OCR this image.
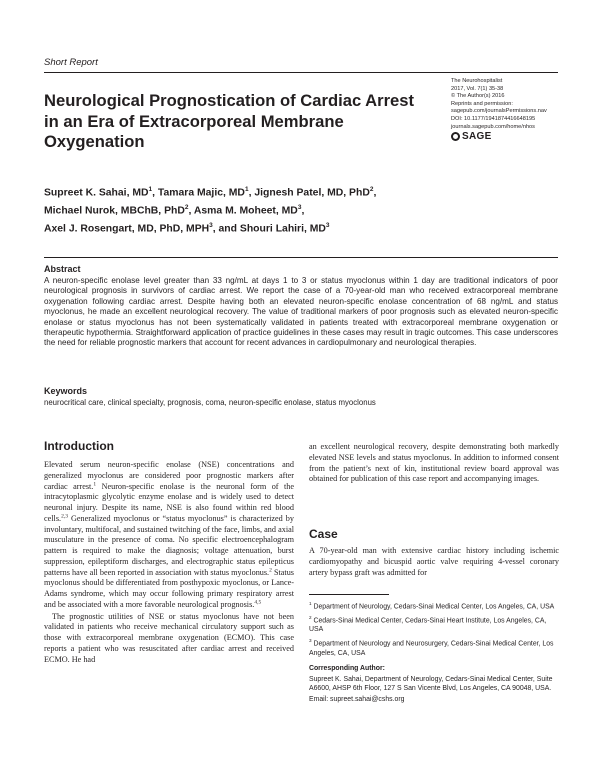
Short Report
The Neurohospitalist
2017, Vol. 7(1) 35-38
© The Author(s) 2016
Reprints and permission:
sagepub.com/journalsPermissions.nav
DOI: 10.1177/1941874416648195
journals.sagepub.com/home/nhos
SAGE
Neurological Prognostication of Cardiac Arrest in an Era of Extracorporeal Membrane Oxygenation
Supreet K. Sahai, $MD^1$, Tamara Majic, $MD^1$, Jignesh Patel, MD, PhD$^2$,
Michael Nurok, MBChB, PhD$^2$, Asma M. Moheet, $MD^3$,
Axel J. Rosengart, MD, PhD, MPH$^3$, and Shouri Lahiri, $MD^3$
Abstract
A neuron-specific enolase level greater than 33 ng/mL at days 1 to 3 or status myoclonus within 1 day are traditional indicators of poor neurological prognosis in survivors of cardiac arrest. We report the case of a 70-year-old man who received extracorporeal membrane oxygenation following cardiac arrest. Despite having both an elevated neuron-specific enolase concentration of 68 ng/mL and status myoclonus, he made an excellent neurological recovery. The value of traditional markers of poor prognosis such as elevated neuron-specific enolase or status myoclonus has not been systematically validated in patients treated with extracorporeal membrane oxygenation or therapeutic hypothermia. Straightforward application of practice guidelines in these cases may result in tragic outcomes. This case underscores the need for reliable prognostic markers that account for recent advances in cardiopulmonary and neurological therapies.
Keywords
neurocritical care, clinical specialty, prognosis, coma, neuron-specific enolase, status myoclonus
Introduction

Elevated serum neuron-specific enolase (NSE) concentrations and generalized myoclonus are considered poor prognostic markers after cardiac arrest.$^1$ Neuron-specific enolase is the neuronal form of the intracytoplasmic glycolytic enzyme enolase and is widely used to detect neuronal injury. Despite its name, NSE is also found within red blood cells.$^{2,3}$ Generalized myoclonus or “status myoclonus” is characterized by involuntary, multifocal, and sustained twitching of the face, limbs, and axial musculature in the presence of coma. No specific electroencephalogram pattern is required to make the diagnosis; voltage attenuation, burst suppression, epileptiform discharges, and electrographic status epilepticus patterns have all been reported in association with status myoclonus.$^2$ Status myoclonus should be differentiated from posthypoxic myoclonus, or Lance-Adams syndrome, which may occur following primary respiratory arrest and be associated with a more favorable neurological prognosis.$^{4,5}$

The prognostic utilities of NSE or status myoclonus have not been validated in patients who receive mechanical circulatory support such as those with extracorporeal membrane oxygenation (ECMO). This case reports a patient who was resuscitated after cardiac arrest and received ECMO. He had

an excellent neurological recovery, despite demonstrating both markedly elevated NSE levels and status myoclonus. In addition to informed consent from the patient’s next of kin, institutional review board approval was obtained for publication of this case report and accompanying images.
Case
A 70-year-old man with extensive cardiac history including ischemic cardiomyopathy and bicuspid aortic valve requiring 4-vessel coronary artery bypass graft was admitted for
$^1$ Department of Neurology, Cedars-Sinai Medical Center, Los Angeles, CA, USA
$^2$ Cedars-Sinai Medical Center, Cedars-Sinai Heart Institute, Los Angeles, CA, USA
$^3$ Department of Neurology and Neurosurgery, Cedars-Sinai Medical Center, Los Angeles, CA, USA
Corresponding Author:
Supreet K. Sahai, Department of Neurology, Cedars-Sinai Medical Center, Suite A6600, AHSP 6th Floor, 127 S San Vicente Blvd, Los Angeles, CA 90048, USA.
Email: supreet.sahai@cshs.org
